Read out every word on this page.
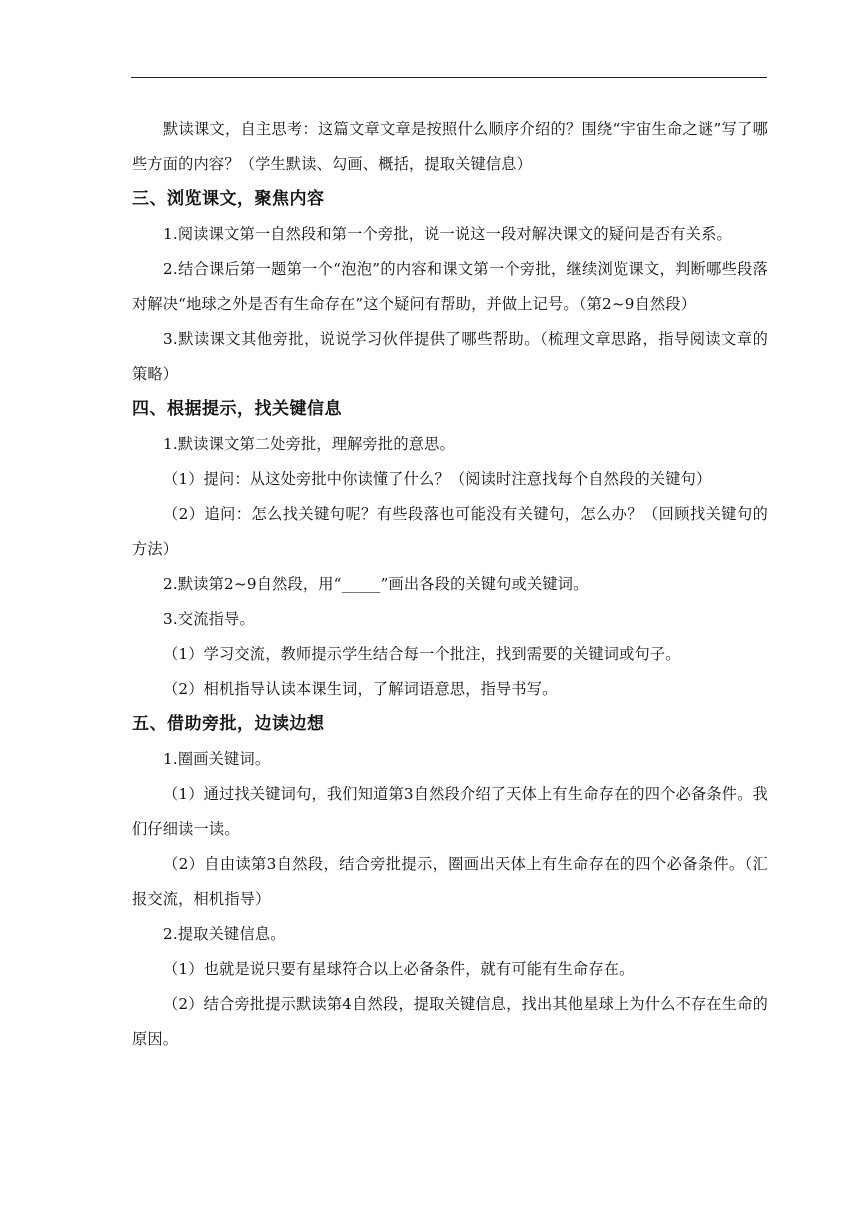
默读课文，自主思考：这篇文章文章是按照什么顺序介绍的？围绕“宇宙生命之谜”写了哪些方面的内容？（学生默读、勾画、概括，提取关键信息）

三、浏览课文，聚焦内容

1.阅读课文第一自然段和第一个旁批，说一说这一段对解决课文的疑问是否有关系。

2.结合课后第一题第一个“泡泡”的内容和课文第一个旁批，继续浏览课文，判断哪些段落对解决“地球之外是否有生命存在”这个疑问有帮助，并做上记号。（第2~9自然段）

3.默读课文其他旁批，说说学习伙伴提供了哪些帮助。（梳理文章思路，指导阅读文章的策略）

四、根据提示，找关键信息

1.默读课文第二处旁批，理解旁批的意思。

（1）提问：从这处旁批中你读懂了什么？（阅读时注意找每个自然段的关键句）

（2）追问：怎么找关键句呢？有些段落也可能没有关键句，怎么办？（回顾找关键句的方法）

2.默读第2~9自然段，用“_____”画出各段的关键句或关键词。

3.交流指导。

（1）学习交流，教师提示学生结合每一个批注，找到需要的关键词或句子。

（2）相机指导认读本课生词，了解词语意思，指导书写。

五、借助旁批，边读边想

1.圈画关键词。

（1）通过找关键词句，我们知道第3自然段介绍了天体上有生命存在的四个必备条件。我们仔细读一读。

（2）自由读第3自然段，结合旁批提示，圈画出天体上有生命存在的四个必备条件。（汇报交流，相机指导）

2.提取关键信息。

（1）也就是说只要有星球符合以上必备条件，就有可能有生命存在。

（2）结合旁批提示默读第4自然段，提取关键信息，找出其他星球上为什么不存在生命的原因。
